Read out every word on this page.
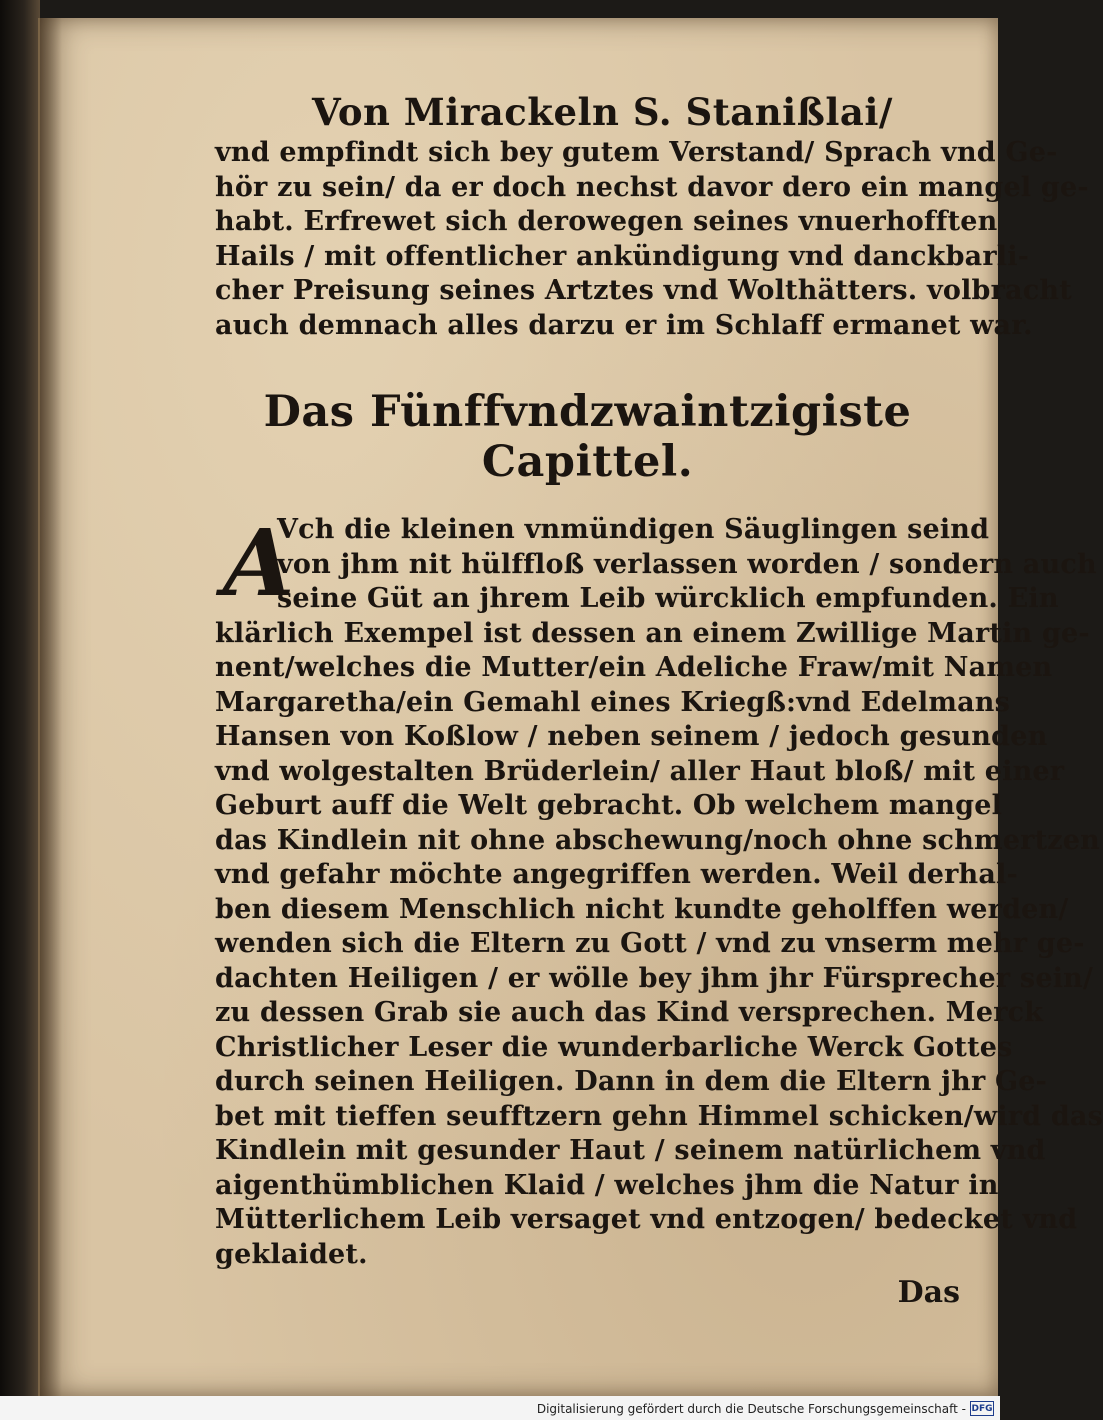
Von Mirackeln S. Stanißlai/
vnd empfindt sich bey gutem Verstand/ Sprach vnd Ge-
hör zu sein/ da er doch nechst davor dero ein mangel ge-
habt. Erfrewet sich derowegen seines vnuerhofften
Hails / mit offentlicher ankündigung vnd danckbarli-
cher Preisung seines Artztes vnd Wolthätters. volbracht
auch demnach alles darzu er im Schlaff ermanet war.
Das Fünffvndzwaintzigiste Capittel.
A
Vch die kleinen vnmündigen Säuglingen seind
von jhm nit hülffloß verlassen worden / sondern auch
seine Güt an jhrem Leib würcklich empfunden. Ein
klärlich Exempel ist dessen an einem Zwillige Martin ge-
nent/welches die Mutter/ein Adeliche Fraw/mit Namen
Margaretha/ein Gemahl eines Kriegß:vnd Edelmans
Hansen von Koßlow / neben seinem / jedoch gesunden
vnd wolgestalten Brüderlein/ aller Haut bloß/ mit einer
Geburt auff die Welt gebracht. Ob welchem mangel
das Kindlein nit ohne abschewung/noch ohne schmertzen
vnd gefahr möchte angegriffen werden. Weil derhal-
ben diesem Menschlich nicht kundte geholffen werden/
wenden sich die Eltern zu Gott / vnd zu vnserm mehr ge-
dachten Heiligen / er wölle bey jhm jhr Fürsprecher sein/
zu dessen Grab sie auch das Kind versprechen. Merck
Christlicher Leser die wunderbarliche Werck Gottes
durch seinen Heiligen. Dann in dem die Eltern jhr Ge-
bet mit tieffen seufftzern gehn Himmel schicken/wird das
Kindlein mit gesunder Haut / seinem natürlichem vnd
aigenthümblichen Klaid / welches jhm die Natur in
Mütterlichem Leib versaget vnd entzogen/ bedecket vnd
geklaidet.
Das
Digitalisierung gefördert durch die Deutsche Forschungsgemeinschaft - DFG
